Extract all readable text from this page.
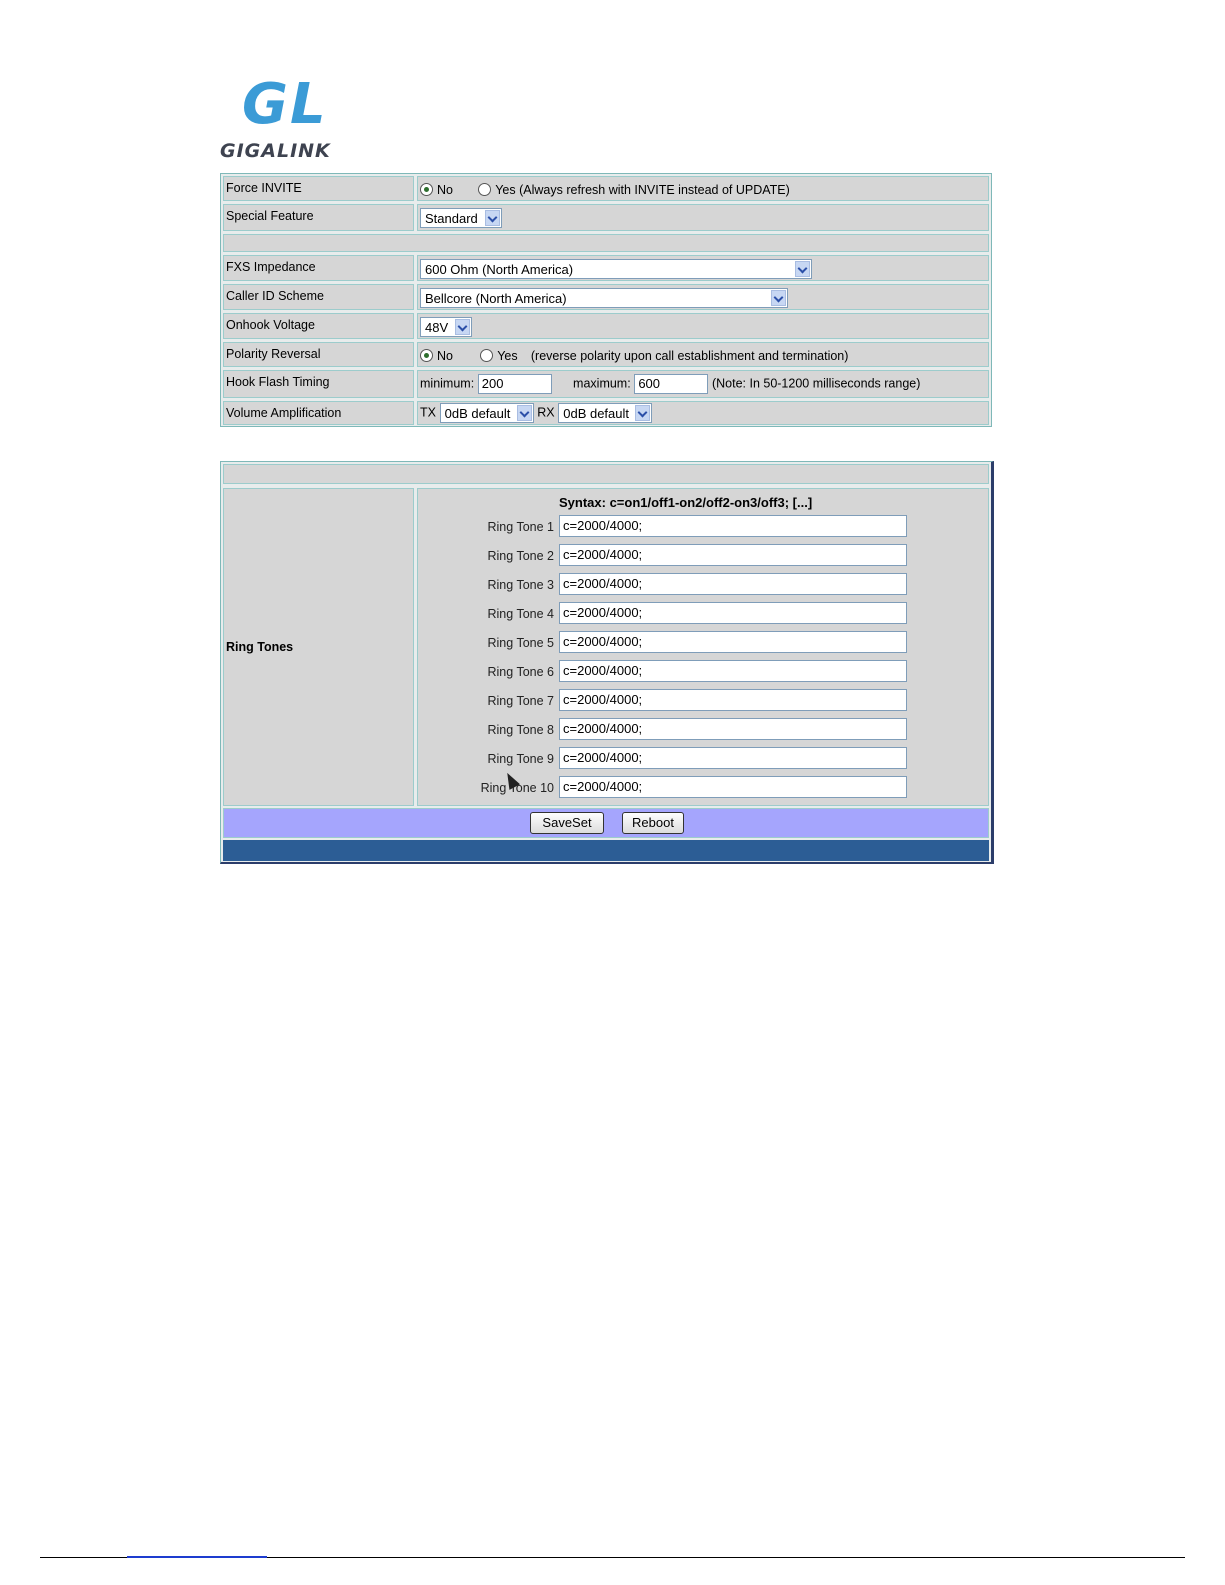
GL
GIGALINK
Force INVITE	No	Yes (Always refresh with INVITE instead of UPDATE)
Special Feature	Standard
FXS Impedance	600 Ohm (North America)
Caller ID Scheme	Bellcore (North America)
Onhook Voltage	48V
Polarity Reversal	No	Yes (reverse polarity upon call establishment and termination)
Hook Flash Timing	minimum: 200	maximum: 600	(Note: In 50-1200 milliseconds range)
Volume Amplification	TX 0dB default RX 0dB default
Ring Tones
Syntax: c=on1/off1-on2/off2-on3/off3; [...]
Ring Tone 1 c=2000/4000;
Ring Tone 2 c=2000/4000;
Ring Tone 3 c=2000/4000;
Ring Tone 4 c=2000/4000;
Ring Tone 5 c=2000/4000;
Ring Tone 6 c=2000/4000;
Ring Tone 7 c=2000/4000;
Ring Tone 8 c=2000/4000;
Ring Tone 9 c=2000/4000;
Ring Tone 10 c=2000/4000;
SaveSet	Reboot
